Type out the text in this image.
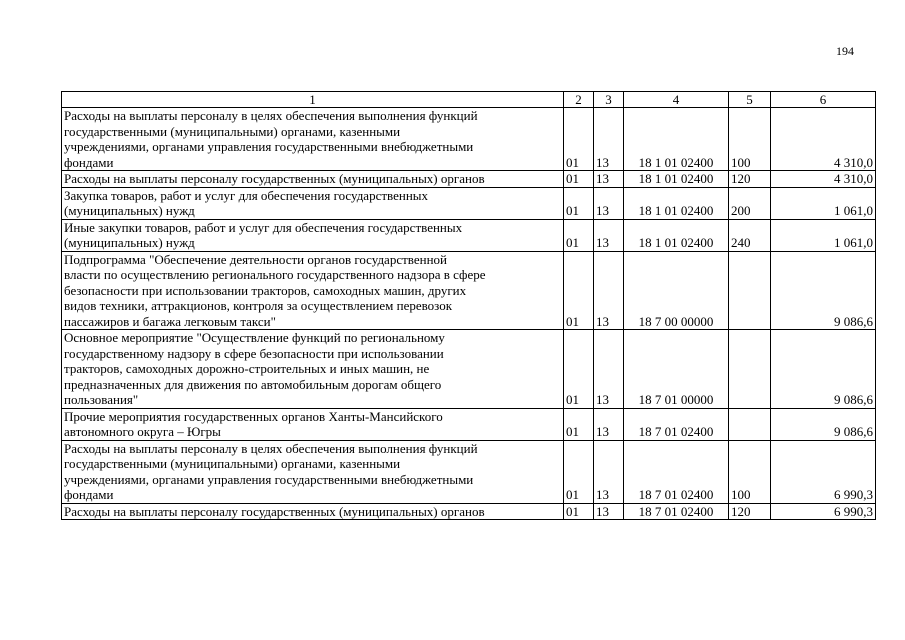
194
1	2	3	4	5	6

Расходы на выплаты персоналу в целях обеспечения выполнения функций
государственными (муниципальными) органами, казенными
учреждениями, органами управления государственными внебюджетными
фондами	01	13	18 1 01 02400	100	4 310,0

Расходы на выплаты персоналу государственных (муниципальных) органов	01	13	18 1 01 02400	120	4 310,0

Закупка товаров, работ и услуг для обеспечения государственных
(муниципальных) нужд	01	13	18 1 01 02400	200	1 061,0

Иные закупки товаров, работ и услуг для обеспечения государственных
(муниципальных) нужд	01	13	18 1 01 02400	240	1 061,0

Подпрограмма "Обеспечение деятельности органов государственной
власти по осуществлению регионального государственного надзора в сфере
безопасности при использовании тракторов, самоходных машин, других
видов техники, аттракционов, контроля за осуществлением перевозок
пассажиров и багажа легковым такси"	01	13	18 7 00 00000		9 086,6

Основное мероприятие "Осуществление функций по региональному
государственному надзору в сфере безопасности при использовании
тракторов, самоходных дорожно-строительных и иных машин, не
предназначенных для движения по автомобильным дорогам общего
пользования"	01	13	18 7 01 00000		9 086,6

Прочие мероприятия государственных органов Ханты-Мансийского
автономного округа – Югры	01	13	18 7 01 02400		9 086,6

Расходы на выплаты персоналу в целях обеспечения выполнения функций
государственными (муниципальными) органами, казенными
учреждениями, органами управления государственными внебюджетными
фондами	01	13	18 7 01 02400	100	6 990,3

Расходы на выплаты персоналу государственных (муниципальных) органов	01	13	18 7 01 02400	120	6 990,3
